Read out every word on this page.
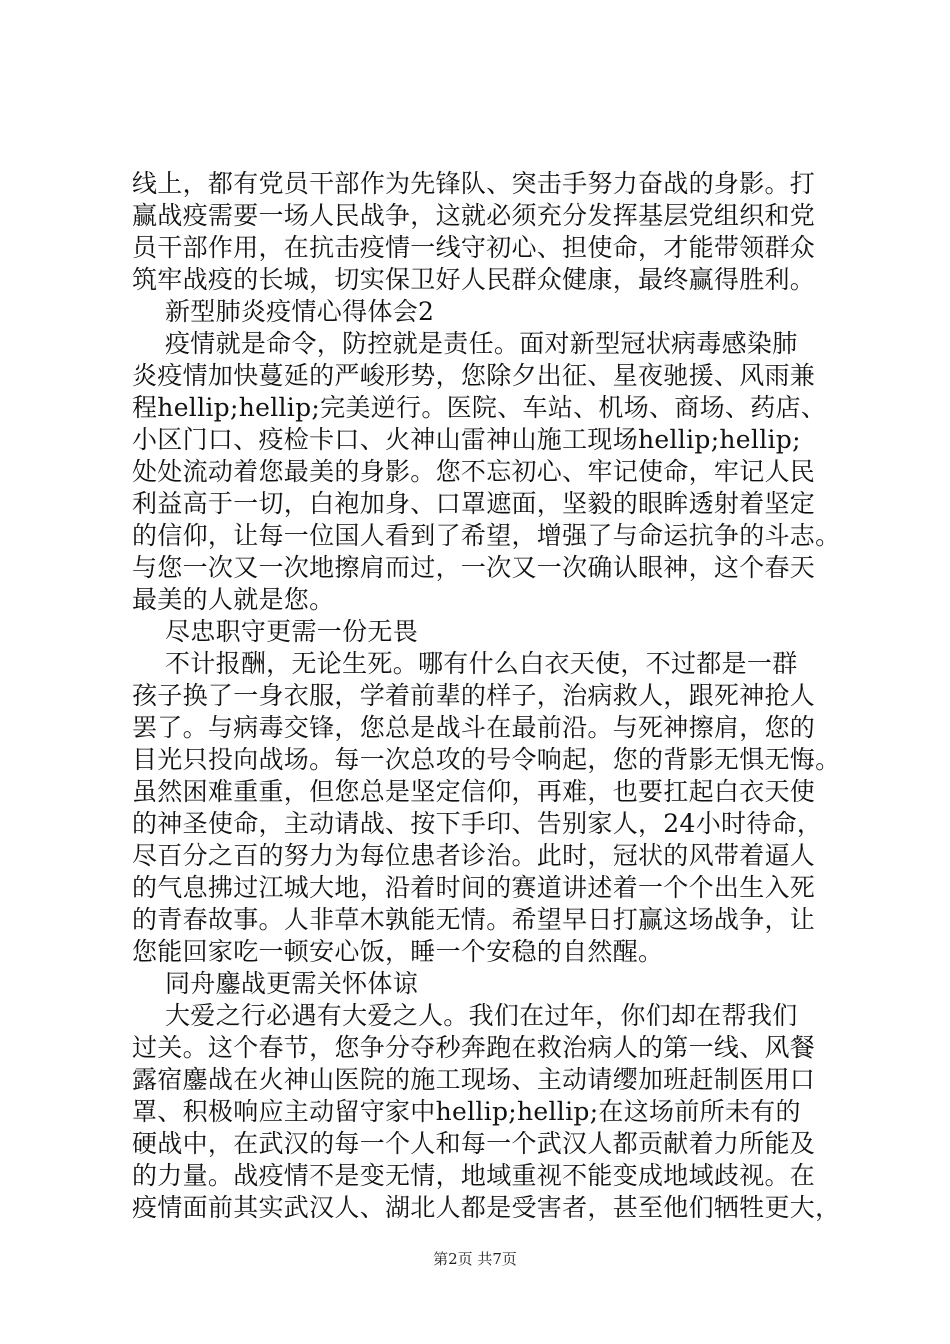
线上，都有党员干部作为先锋队、突击手努力奋战的身影。打
赢战疫需要一场人民战争，这就必须充分发挥基层党组织和党
员干部作用，在抗击疫情一线守初心、担使命，才能带领群众
筑牢战疫的长城，切实保卫好人民群众健康，最终赢得胜利。
新型肺炎疫情心得体会2
疫情就是命令，防控就是责任。面对新型冠状病毒感染肺
炎疫情加快蔓延的严峻形势，您除夕出征、星夜驰援、风雨兼
程hellip;hellip;完美逆行。医院、车站、机场、商场、药店、
小区门口、疫检卡口、火神山雷神山施工现场hellip;hellip;
处处流动着您最美的身影。您不忘初心、牢记使命，牢记人民
利益高于一切，白袍加身、口罩遮面，坚毅的眼眸透射着坚定
的信仰，让每一位国人看到了希望，增强了与命运抗争的斗志。
与您一次又一次地擦肩而过，一次又一次确认眼神，这个春天
最美的人就是您。
尽忠职守更需一份无畏
不计报酬，无论生死。哪有什么白衣天使，不过都是一群
孩子换了一身衣服，学着前辈的样子，治病救人，跟死神抢人
罢了。与病毒交锋，您总是战斗在最前沿。与死神擦肩，您的
目光只投向战场。每一次总攻的号令响起，您的背影无惧无悔。
虽然困难重重，但您总是坚定信仰，再难，也要扛起白衣天使
的神圣使命，主动请战、按下手印、告别家人，24小时待命，
尽百分之百的努力为每位患者诊治。此时，冠状的风带着逼人
的气息拂过江城大地，沿着时间的赛道讲述着一个个出生入死
的青春故事。人非草木孰能无情。希望早日打赢这场战争，让
您能回家吃一顿安心饭，睡一个安稳的自然醒。
同舟鏖战更需关怀体谅
大爱之行必遇有大爱之人。我们在过年，你们却在帮我们
过关。这个春节，您争分夺秒奔跑在救治病人的第一线、风餐
露宿鏖战在火神山医院的施工现场、主动请缨加班赶制医用口
罩、积极响应主动留守家中hellip;hellip;在这场前所未有的
硬战中，在武汉的每一个人和每一个武汉人都贡献着力所能及
的力量。战疫情不是变无情，地域重视不能变成地域歧视。在
疫情面前其实武汉人、湖北人都是受害者，甚至他们牺牲更大，
第2页 共7页
